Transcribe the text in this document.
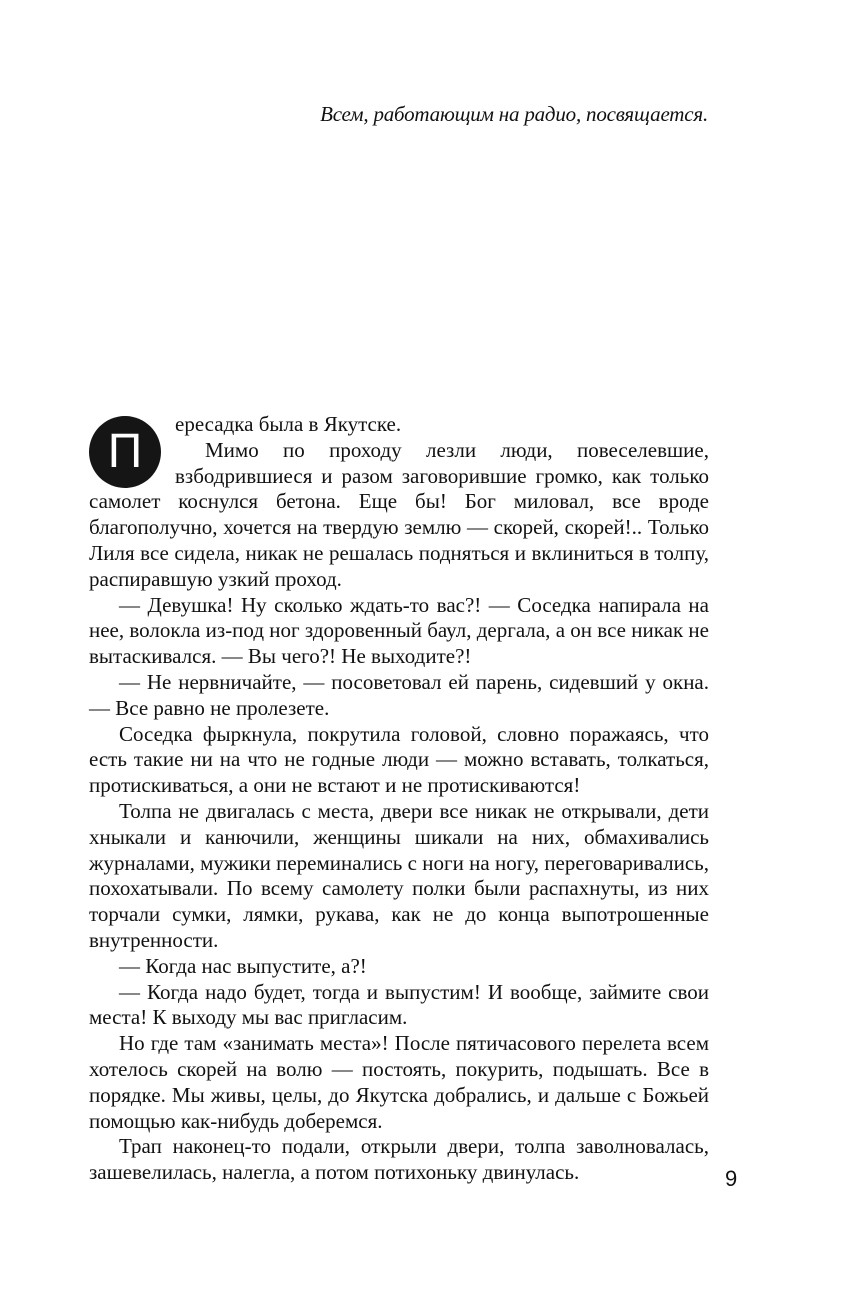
Всем, работающим на радио, посвящается.

П
ересадка была в Якутске.

Мимо по проходу лезли люди, повеселевшие, взбодрившиеся и разом заговорившие громко, как только самолет коснулся бетона. Еще бы! Бог миловал, все вроде благополучно, хочется на твердую землю — скорей, скорей!.. Только Лиля все сидела, никак не решалась подняться и вклиниться в толпу, распиравшую узкий проход.

— Девушка! Ну сколько ждать-то вас?! — Соседка напирала на нее, волокла из-под ног здоровенный баул, дергала, а он все никак не вытаскивался. — Вы чего?! Не выходите?!

— Не нервничайте, — посоветовал ей парень, сидевший у окна. — Все равно не пролезете.

Соседка фыркнула, покрутила головой, словно поражаясь, что есть такие ни на что не годные люди — можно вставать, толкаться, протискиваться, а они не встают и не протискиваются!

Толпа не двигалась с места, двери все никак не открывали, дети хныкали и канючили, женщины шикали на них, обмахивались журналами, мужики переминались с ноги на ногу, переговаривались, похохатывали. По всему самолету полки были распахнуты, из них торчали сумки, лямки, рукава, как не до конца выпотрошенные внутренности.

— Когда нас выпустите, а?!

— Когда надо будет, тогда и выпустим! И вообще, займите свои места! К выходу мы вас пригласим.

Но где там «занимать места»! После пятичасового перелета всем хотелось скорей на волю — постоять, покурить, подышать. Все в порядке. Мы живы, целы, до Якутска добрались, и дальше с Божьей помощью как-нибудь доберемся.

Трап наконец-то подали, открыли двери, толпа заволновалась, зашевелилась, налегла, а потом потихоньку двинулась.	9
